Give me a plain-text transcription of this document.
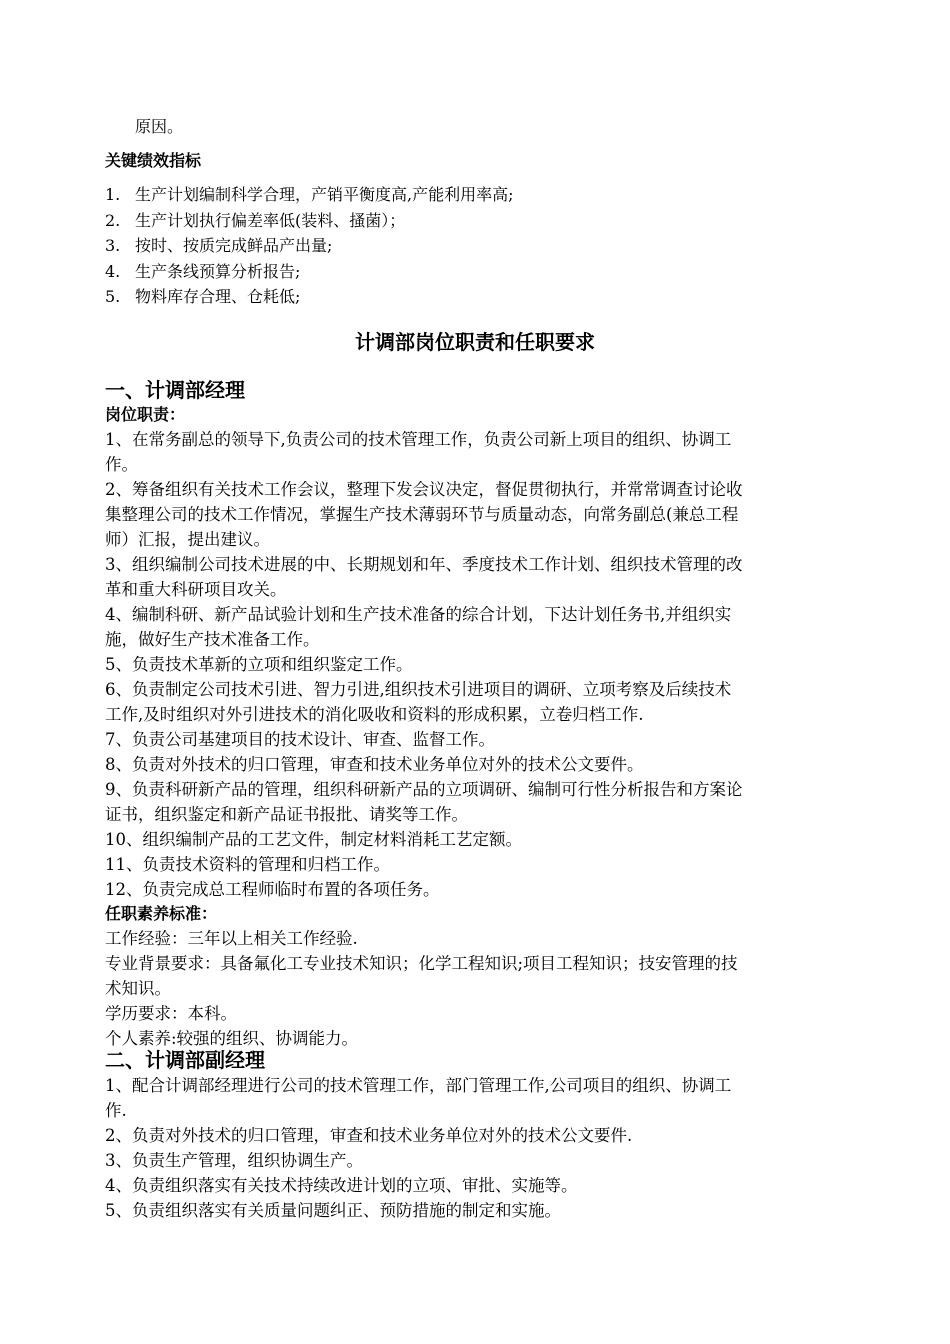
原因。
关键绩效指标
1. 生产计划编制科学合理，产销平衡度高,产能利用率高;
2. 生产计划执行偏差率低(装料、搔菌）；
3. 按时、按质完成鲜品产出量;
4. 生产条线预算分析报告;
5. 物料库存合理、仓耗低;
计调部岗位职责和任职要求
一、计调部经理
岗位职责：

1、在常务副总的领导下,负责公司的技术管理工作，负责公司新上项目的组织、协调工

作。

2、筹备组织有关技术工作会议，整理下发会议决定，督促贯彻执行，并常常调查讨论收

集整理公司的技术工作情况，掌握生产技术薄弱环节与质量动态，向常务副总(兼总工程

师）汇报，提出建议。

3、组织编制公司技术进展的中、长期规划和年、季度技术工作计划、组织技术管理的改

革和重大科研项目攻关。

4、编制科研、新产品试验计划和生产技术准备的综合计划，下达计划任务书,并组织实

施，做好生产技术准备工作。

5、负责技术革新的立项和组织鉴定工作。

6、负责制定公司技术引进、智力引进,组织技术引进项目的调研、立项考察及后续技术

工作,及时组织对外引进技术的消化吸收和资料的形成积累，立卷归档工作.

7、负责公司基建项目的技术设计、审查、监督工作。

8、负责对外技术的归口管理，审查和技术业务单位对外的技术公文要件。

9、负责科研新产品的管理，组织科研新产品的立项调研、编制可行性分析报告和方案论

证书，组织鉴定和新产品证书报批、请奖等工作。

10、组织编制产品的工艺文件，制定材料消耗工艺定额。

11、负责技术资料的管理和归档工作。

12、负责完成总工程师临时布置的各项任务。

任职素养标准：

工作经验：三年以上相关工作经验.

专业背景要求：具备氟化工专业技术知识；化学工程知识;项目工程知识；技安管理的技

术知识。

学历要求：本科。

个人素养:较强的组织、协调能力。

二、计调部副经理

1、配合计调部经理进行公司的技术管理工作，部门管理工作,公司项目的组织、协调工

作.

2、负责对外技术的归口管理，审查和技术业务单位对外的技术公文要件.

3、负责生产管理，组织协调生产。

4、负责组织落实有关技术持续改进计划的立项、审批、实施等。

5、负责组织落实有关质量问题纠正、预防措施的制定和实施。
